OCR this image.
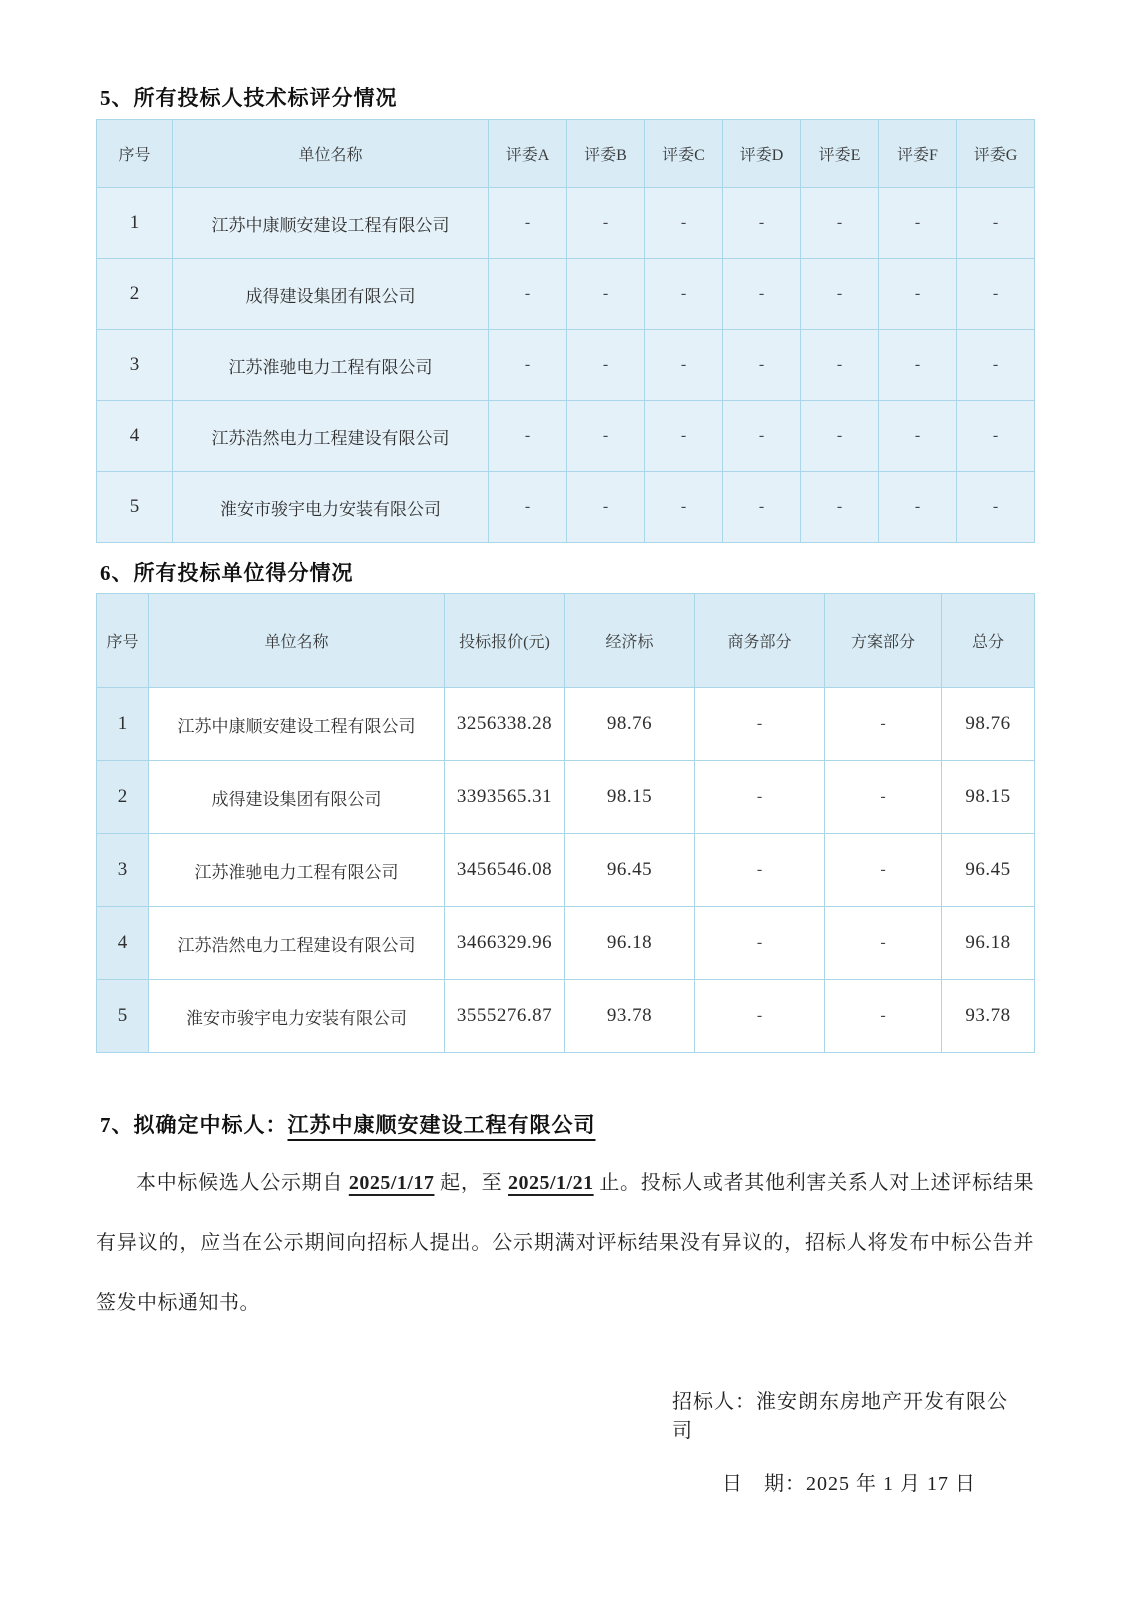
5、所有投标人技术标评分情况
序号	单位名称	评委A	评委B	评委C	评委D	评委E	评委F	评委G
1	江苏中康顺安建设工程有限公司	-	-	-	-	-	-	-
2	成得建设集团有限公司	-	-	-	-	-	-	-
3	江苏淮驰电力工程有限公司	-	-	-	-	-	-	-
4	江苏浩然电力工程建设有限公司	-	-	-	-	-	-	-
5	淮安市骏宇电力安装有限公司	-	-	-	-	-	-	-
6、所有投标单位得分情况
序号	单位名称	投标报价(元)	经济标	商务部分	方案部分	总分
1	江苏中康顺安建设工程有限公司	3256338.28	98.76	-	-	98.76
2	成得建设集团有限公司	3393565.31	98.15	-	-	98.15
3	江苏淮驰电力工程有限公司	3456546.08	96.45	-	-	96.45
4	江苏浩然电力工程建设有限公司	3466329.96	96.18	-	-	96.18
5	淮安市骏宇电力安装有限公司	3555276.87	93.78	-	-	93.78
7、拟确定中标人：江苏中康顺安建设工程有限公司
本中标候选人公示期自 2025/1/17 起，至 2025/1/21 止。投标人或者其他利害关系人对上述评标结果有异议的，应当在公示期间向招标人提出。公示期满对评标结果没有异议的，招标人将发布中标公告并签发中标通知书。
招标人：淮安朗东房地产开发有限公司
日　期：2025 年 1 月 17 日
